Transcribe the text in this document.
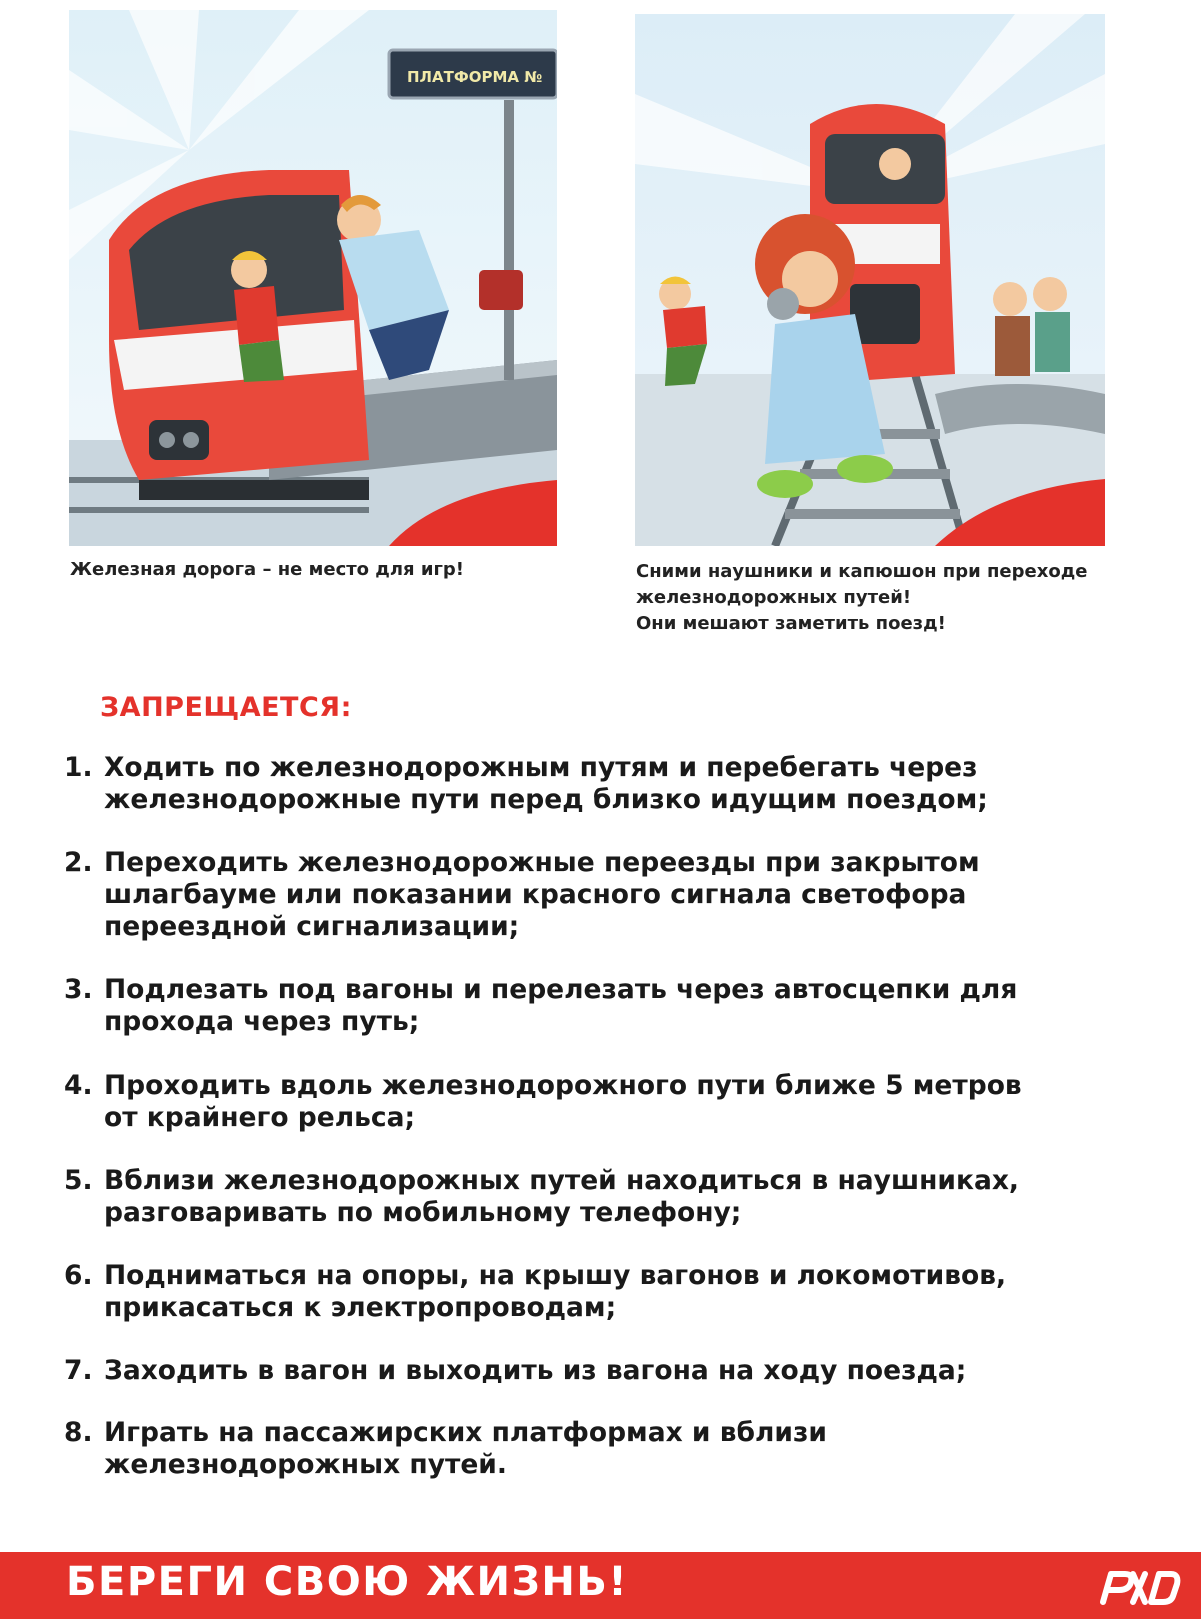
ПЛАТФОРМА №
Железная дорога – не место для игр!	Сними наушники и капюшон при переходе
железнодорожных путей!
Они мешают заметить поезд!
ЗАПРЕЩАЕТСЯ:
1. Ходить по железнодорожным путям и перебегать через
железнодорожные пути перед близко идущим поездом;
2. Переходить железнодорожные переезды при закрытом
шлагбауме или показании красного сигнала светофора
переездной сигнализации;
3. Подлезать под вагоны и перелезать через автосцепки для
прохода через путь;
4. Проходить вдоль железнодорожного пути ближе 5 метров
от крайнего рельса;
5. Вблизи железнодорожных путей находиться в наушниках,
разговаривать по мобильному телефону;
6. Подниматься на опоры, на крышу вагонов и локомотивов,
прикасаться к электропроводам;
7. Заходить в вагон и выходить из вагона на ходу поезда;
8. Играть на пассажирских платформах и вблизи
железнодорожных путей.
БЕРЕГИ СВОЮ ЖИЗНЬ!
